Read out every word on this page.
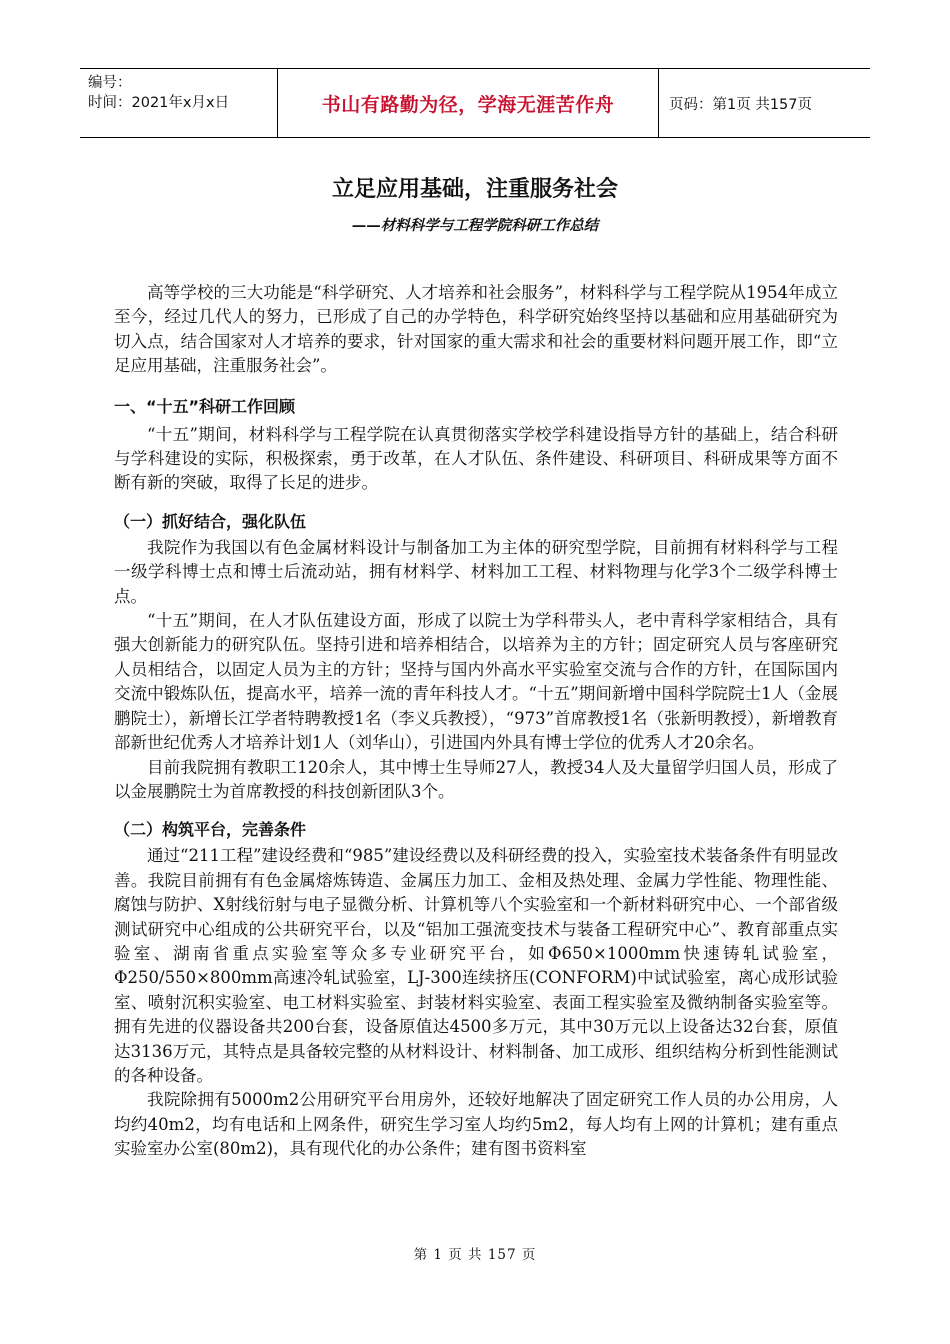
编号：
时间：2021年x月x日	书山有路勤为径，学海无涯苦作舟	页码：第1页 共157页
立足应用基础，注重服务社会
——材料科学与工程学院科研工作总结

高等学校的三大功能是“科学研究、人才培养和社会服务”，材料科学与工程学院从1954年成立至今，经过几代人的努力，已形成了自己的办学特色，科学研究始终坚持以基础和应用基础研究为切入点，结合国家对人才培养的要求，针对国家的重大需求和社会的重要材料问题开展工作，即“立足应用基础，注重服务社会”。

一、“十五”科研工作回顾

“十五”期间，材料科学与工程学院在认真贯彻落实学校学科建设指导方针的基础上，结合科研与学科建设的实际，积极探索，勇于改革，在人才队伍、条件建设、科研项目、科研成果等方面不断有新的突破，取得了长足的进步。

（一）抓好结合，强化队伍

我院作为我国以有色金属材料设计与制备加工为主体的研究型学院，目前拥有材料科学与工程一级学科博士点和博士后流动站，拥有材料学、材料加工工程、材料物理与化学3个二级学科博士点。

“十五”期间，在人才队伍建设方面，形成了以院士为学科带头人，老中青科学家相结合，具有强大创新能力的研究队伍。坚持引进和培养相结合，以培养为主的方针；固定研究人员与客座研究人员相结合，以固定人员为主的方针；坚持与国内外高水平实验室交流与合作的方针，在国际国内交流中锻炼队伍，提高水平，培养一流的青年科技人才。“十五”期间新增中国科学院院士1人（金展鹏院士），新增长江学者特聘教授1名（李义兵教授），“973”首席教授1名（张新明教授），新增教育部新世纪优秀人才培养计划1人（刘华山），引进国内外具有博士学位的优秀人才20余名。

目前我院拥有教职工120余人，其中博士生导师27人，教授34人及大量留学归国人员，形成了以金展鹏院士为首席教授的科技创新团队3个。

（二）构筑平台，完善条件

通过“211工程”建设经费和“985”建设经费以及科研经费的投入，实验室技术装备条件有明显改善。我院目前拥有有色金属熔炼铸造、金属压力加工、金相及热处理、金属力学性能、物理性能、腐蚀与防护、X射线衍射与电子显微分析、计算机等八个实验室和一个新材料研究中心、一个部省级测试研究中心组成的公共研究平台，以及“铝加工强流变技术与装备工程研究中心”、教育部重点实验室、湖南省重点实验室等众多专业研究平台，如Φ650×1000mm快速铸轧试验室，Φ250/550×800mm高速冷轧试验室，LJ-300连续挤压(CONFORM)中试试验室，离心成形试验室、喷射沉积实验室、电工材料实验室、封装材料实验室、表面工程实验室及微纳制备实验室等。拥有先进的仪器设备共200台套，设备原值达4500多万元，其中30万元以上设备达32台套，原值达3136万元，其特点是具备较完整的从材料设计、材料制备、加工成形、组织结构分析到性能测试的各种设备。

我院除拥有5000m2公用研究平台用房外，还较好地解决了固定研究工作人员的办公用房，人均约40m2，均有电话和上网条件，研究生学习室人均约5m2，每人均有上网的计算机；建有重点实验室办公室(80m2)，具有现代化的办公条件；建有图书资料室

第 1 页 共 157 页
